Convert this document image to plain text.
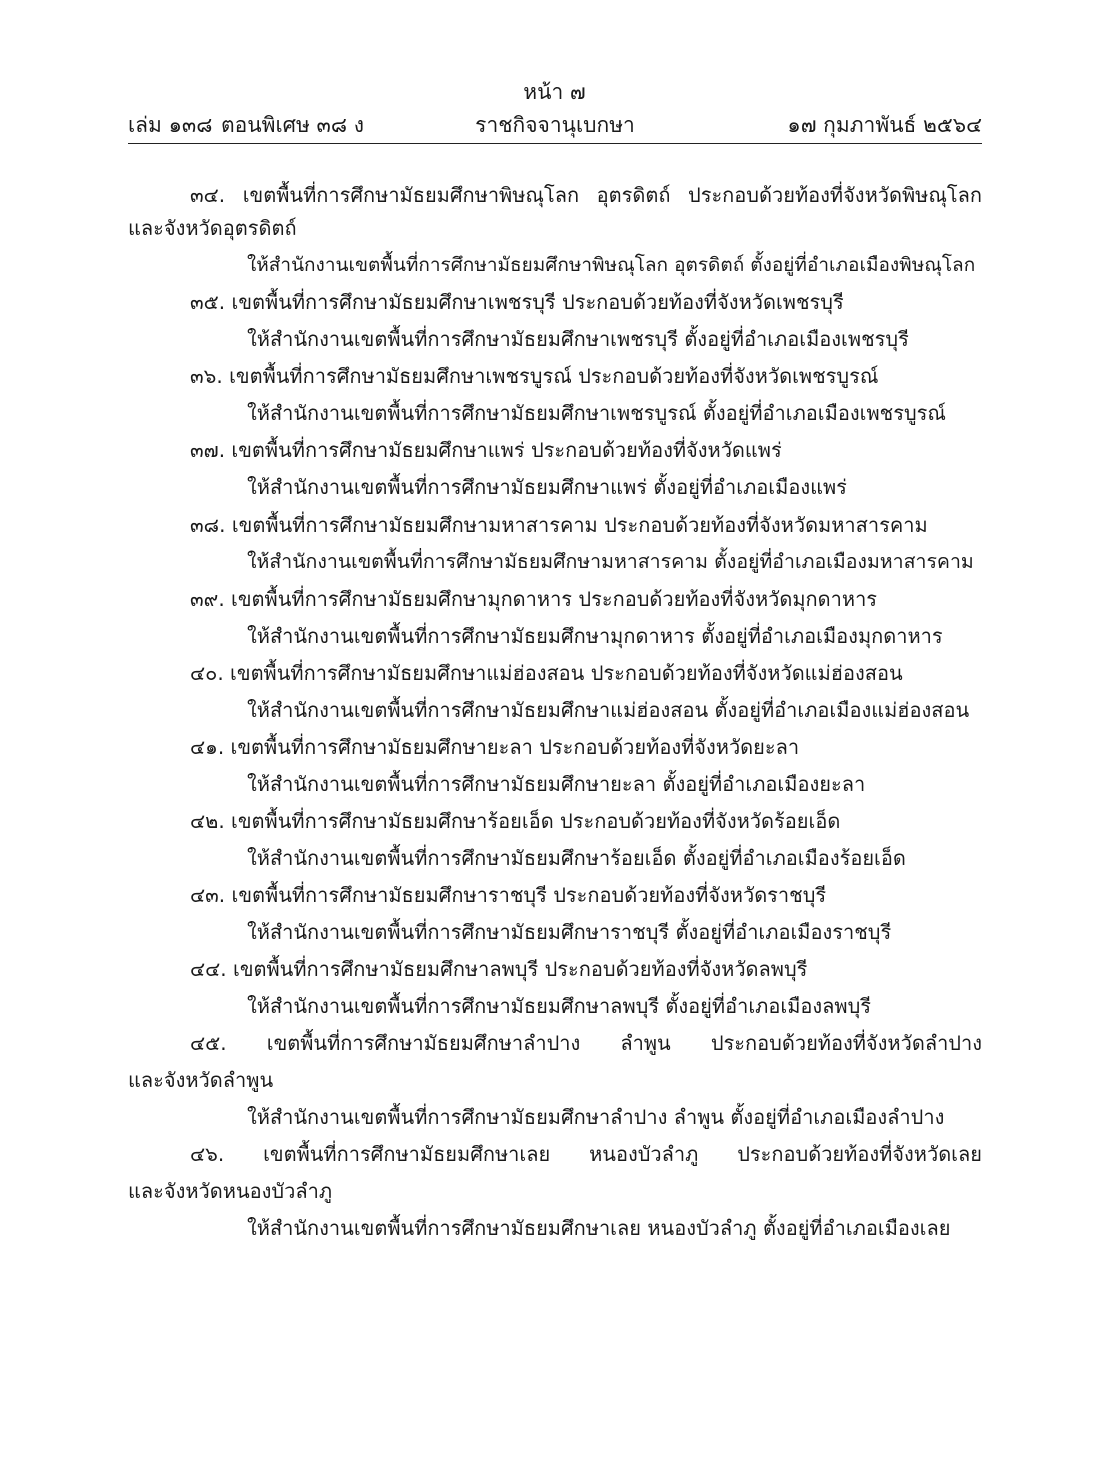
หน้า ๗
เล่ม ๑๓๘ ตอนพิเศษ ๓๘ ง	ราชกิจจานุเบกษา	๑๗ กุมภาพันธ์ ๒๕๖๔
๓๔. เขตพื้นที่การศึกษามัธยมศึกษาพิษณุโลก อุตรดิตถ์ ประกอบด้วยท้องที่จังหวัดพิษณุโลก
และจังหวัดอุตรดิตถ์
ให้สำนักงานเขตพื้นที่การศึกษามัธยมศึกษาพิษณุโลก อุตรดิตถ์ ตั้งอยู่ที่อำเภอเมืองพิษณุโลก
๓๕. เขตพื้นที่การศึกษามัธยมศึกษาเพชรบุรี ประกอบด้วยท้องที่จังหวัดเพชรบุรี
ให้สำนักงานเขตพื้นที่การศึกษามัธยมศึกษาเพชรบุรี ตั้งอยู่ที่อำเภอเมืองเพชรบุรี
๓๖. เขตพื้นที่การศึกษามัธยมศึกษาเพชรบูรณ์ ประกอบด้วยท้องที่จังหวัดเพชรบูรณ์
ให้สำนักงานเขตพื้นที่การศึกษามัธยมศึกษาเพชรบูรณ์ ตั้งอยู่ที่อำเภอเมืองเพชรบูรณ์
๓๗. เขตพื้นที่การศึกษามัธยมศึกษาแพร่ ประกอบด้วยท้องที่จังหวัดแพร่
ให้สำนักงานเขตพื้นที่การศึกษามัธยมศึกษาแพร่ ตั้งอยู่ที่อำเภอเมืองแพร่
๓๘. เขตพื้นที่การศึกษามัธยมศึกษามหาสารคาม ประกอบด้วยท้องที่จังหวัดมหาสารคาม
ให้สำนักงานเขตพื้นที่การศึกษามัธยมศึกษามหาสารคาม ตั้งอยู่ที่อำเภอเมืองมหาสารคาม
๓๙. เขตพื้นที่การศึกษามัธยมศึกษามุกดาหาร ประกอบด้วยท้องที่จังหวัดมุกดาหาร
ให้สำนักงานเขตพื้นที่การศึกษามัธยมศึกษามุกดาหาร ตั้งอยู่ที่อำเภอเมืองมุกดาหาร
๔๐. เขตพื้นที่การศึกษามัธยมศึกษาแม่ฮ่องสอน ประกอบด้วยท้องที่จังหวัดแม่ฮ่องสอน
ให้สำนักงานเขตพื้นที่การศึกษามัธยมศึกษาแม่ฮ่องสอน ตั้งอยู่ที่อำเภอเมืองแม่ฮ่องสอน
๔๑. เขตพื้นที่การศึกษามัธยมศึกษายะลา ประกอบด้วยท้องที่จังหวัดยะลา
ให้สำนักงานเขตพื้นที่การศึกษามัธยมศึกษายะลา ตั้งอยู่ที่อำเภอเมืองยะลา
๔๒. เขตพื้นที่การศึกษามัธยมศึกษาร้อยเอ็ด ประกอบด้วยท้องที่จังหวัดร้อยเอ็ด
ให้สำนักงานเขตพื้นที่การศึกษามัธยมศึกษาร้อยเอ็ด ตั้งอยู่ที่อำเภอเมืองร้อยเอ็ด
๔๓. เขตพื้นที่การศึกษามัธยมศึกษาราชบุรี ประกอบด้วยท้องที่จังหวัดราชบุรี
ให้สำนักงานเขตพื้นที่การศึกษามัธยมศึกษาราชบุรี ตั้งอยู่ที่อำเภอเมืองราชบุรี
๔๔. เขตพื้นที่การศึกษามัธยมศึกษาลพบุรี ประกอบด้วยท้องที่จังหวัดลพบุรี
ให้สำนักงานเขตพื้นที่การศึกษามัธยมศึกษาลพบุรี ตั้งอยู่ที่อำเภอเมืองลพบุรี
๔๕. เขตพื้นที่การศึกษามัธยมศึกษาลำปาง ลำพูน ประกอบด้วยท้องที่จังหวัดลำปาง
และจังหวัดลำพูน
ให้สำนักงานเขตพื้นที่การศึกษามัธยมศึกษาลำปาง ลำพูน ตั้งอยู่ที่อำเภอเมืองลำปาง
๔๖. เขตพื้นที่การศึกษามัธยมศึกษาเลย หนองบัวลำภู ประกอบด้วยท้องที่จังหวัดเลย
และจังหวัดหนองบัวลำภู
ให้สำนักงานเขตพื้นที่การศึกษามัธยมศึกษาเลย หนองบัวลำภู ตั้งอยู่ที่อำเภอเมืองเลย
